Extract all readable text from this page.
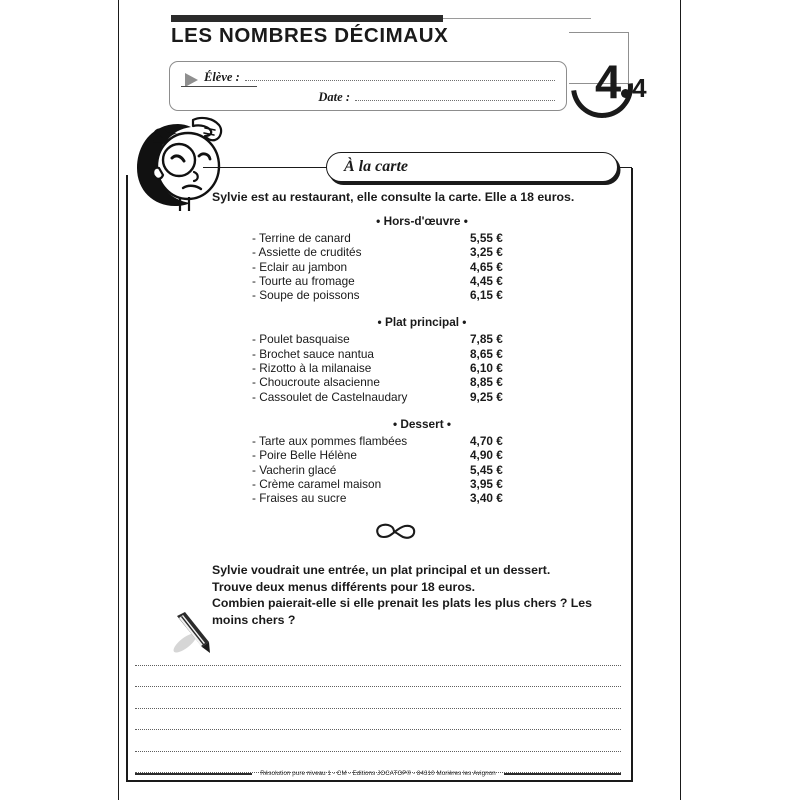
LES NOMBRES DÉCIMAUX
Élève :
Date :	4 4
À la carte
Sylvie est au restaurant, elle consulte la carte. Elle a 18 euros.
• Hors-d'œuvre •
- Terrine de canard	5,55 €
- Assiette de crudités	3,25 €
- Eclair au jambon	4,65 €
- Tourte au fromage	4,45 €
- Soupe de poissons	6,15 €
• Plat principal •
- Poulet basquaise	7,85 €
- Brochet sauce nantua	8,65 €
- Rizotto à la milanaise	6,10 €
- Choucroute alsacienne	8,85 €
- Cassoulet de Castelnaudary	9,25 €
• Dessert •
- Tarte aux pommes flambées	4,70 €
- Poire Belle Hélène	4,90 €
- Vacherin glacé	5,45 €
- Crème caramel maison	3,95 €
- Fraises au sucre	3,40 €
Sylvie voudrait une entrée, un plat principal et un dessert.
Trouve deux menus différents pour 18 euros.
Combien paierait-elle si elle prenait les plats les plus chers ? Les moins chers ?
Résolution pure niveau 1 - CM - Editions JOCATOP® - 84310 Morières les Avignon
